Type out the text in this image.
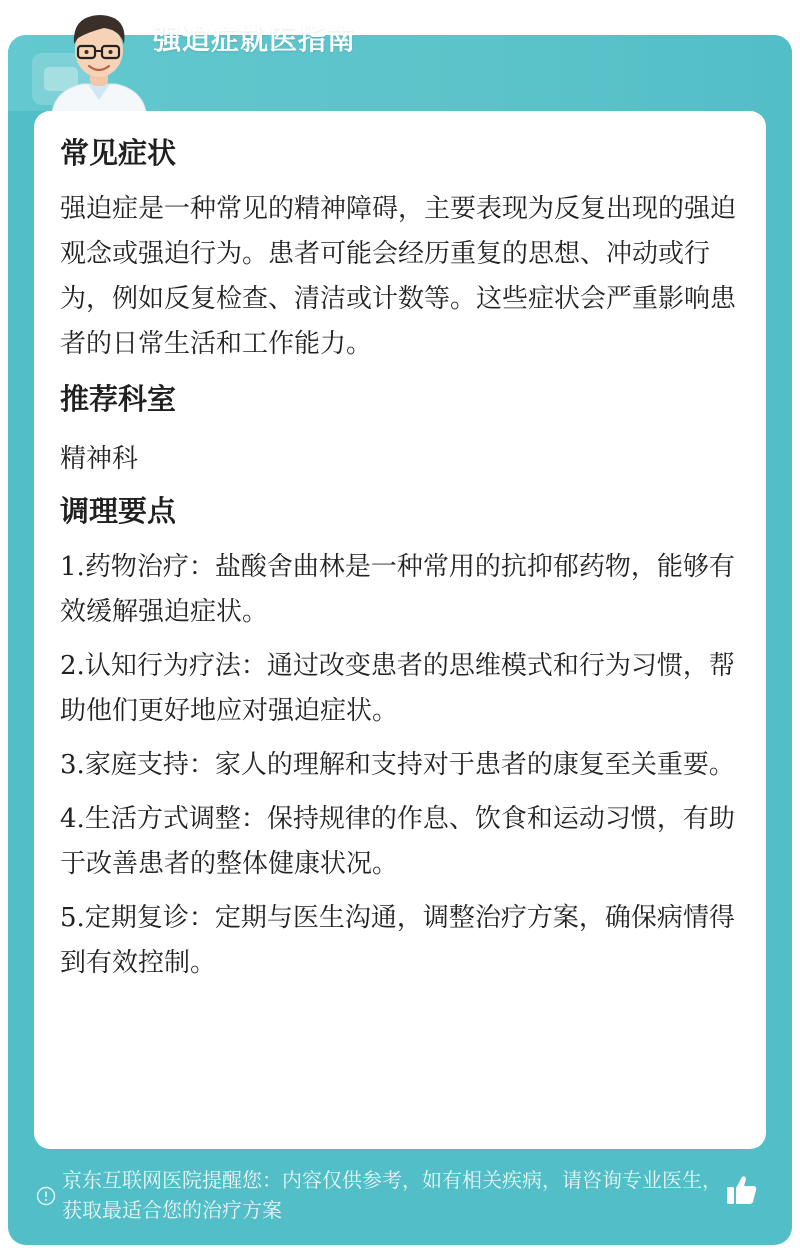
强迫症就医指南
常见症状
强迫症是一种常见的精神障碍，主要表现为反复出现的强迫观念或强迫行为。患者可能会经历重复的思想、冲动或行为，例如反复检查、清洁或计数等。这些症状会严重影响患者的日常生活和工作能力。
推荐科室
精神科
调理要点
1.药物治疗：盐酸舍曲林是一种常用的抗抑郁药物，能够有效缓解强迫症状。
2.认知行为疗法：通过改变患者的思维模式和行为习惯，帮助他们更好地应对强迫症状。
3.家庭支持：家人的理解和支持对于患者的康复至关重要。
4.生活方式调整：保持规律的作息、饮食和运动习惯，有助于改善患者的整体健康状况。
5.定期复诊：定期与医生沟通，调整治疗方案，确保病情得到有效控制。
京东互联网医院提醒您：内容仅供参考，如有相关疾病，请咨询专业医生，获取最适合您的治疗方案
